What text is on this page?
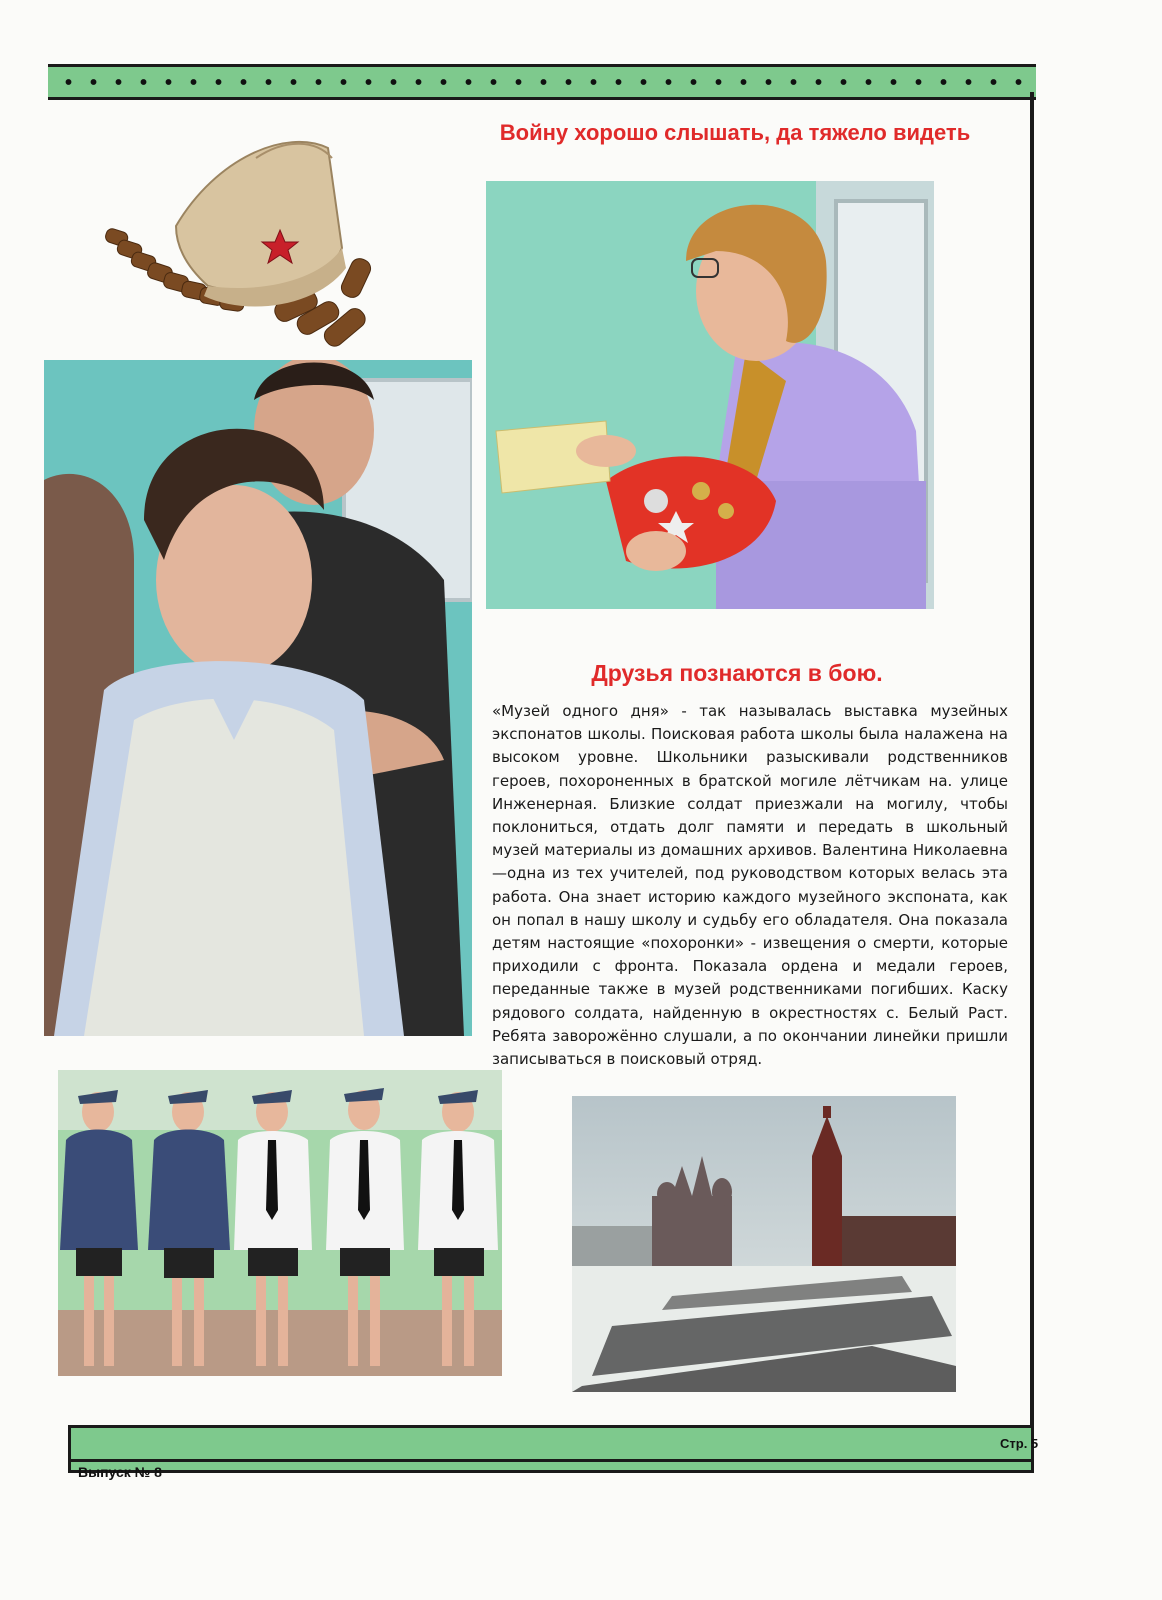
Войну хорошо слышать, да тяжело видеть
Друзья познаются в бою.
«Музей одного дня» - так называлась выставка музейных экспонатов школы. Поисковая работа школы была налажена на высоком уровне. Школьники разыскивали родственников героев, похороненных в братской могиле лётчикам на. улице Инженерная. Близкие солдат приезжали на могилу, чтобы поклониться, отдать долг памяти и передать в школьный музей материалы из домашних архивов. Валентина Николаевна—одна из тех учителей, под руководством которых велась эта работа. Она знает историю каждого музейного экспоната, как он попал в нашу школу и судьбу его обладателя. Она показала детям настоящие «похоронки» - извещения о смерти, которые приходили с фронта. Показала ордена и медали героев, переданные также в музей родственниками погибших. Каску рядового солдата, найденную в окрестностях с. Белый Раст. Ребята заворожённо слушали, а по окончании линейки пришли записываться в поисковый отряд.
Стр. 5
Выпуск № 8
